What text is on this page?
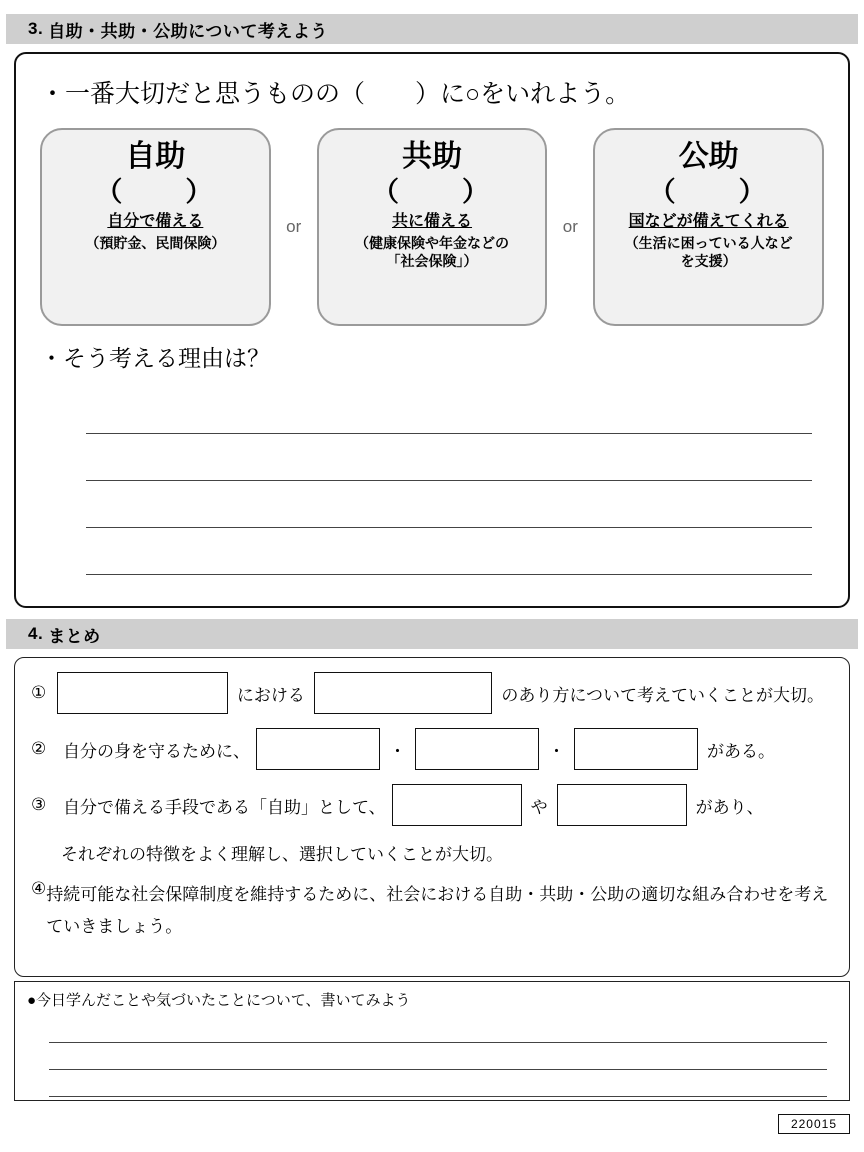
3. 自助・共助・公助について考えよう
・一番大切だと思うものの（　　）に○をいれよう。
自助
（　　）
自分で備える
（預貯金、民間保険）
or
共助
（　　）
共に備える
（健康保険や年金などの
「社会保険」）
or
公助
（　　）
国などが備えてくれる
（生活に困っている人など
を支援）
・そう考える理由は？
4. まとめ
①	における	のあり方について考えていくことが大切。
② 自分の身を守るために、	・	・	がある。
③ 自分で備える手段である「自助」として、	や	があり、
それぞれの特徴をよく理解し、選択していくことが大切。
④ 持続可能な社会保障制度を維持するために、社会における自助・共助・公助の適切な組み合わせを考えていきましょう。
●今日学んだことや気づいたことについて、書いてみよう
220015
